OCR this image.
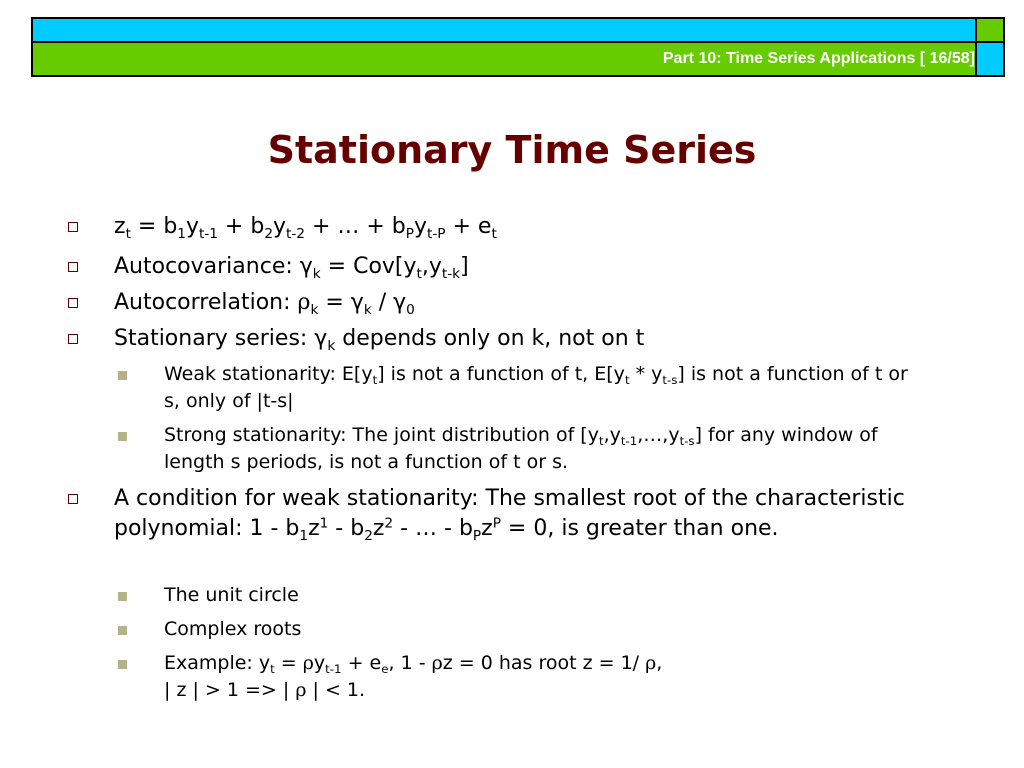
Part 10: Time Series Applications [ 16/58]
Stationary Time Series
$z_t = b_1y_{t-1} + b_2y_{t-2}$ + … + $b_Py_{t-P} + e_t$
Autocovariance: $\gamma_k = Cov[y_t,y_{t-k}]$
Autocorrelation: $\rho_k = \gamma_k / \gamma_0$
Stationary series: $\gamma_k$ depends only on k, not on t
Weak stationarity: $E[y_t]$ is not a function of t, $E[y_t * y_{t-s}]$ is not a function of t or s, only of |t-s|
Strong stationarity: The joint distribution of $[y_t,y_{t-1},\dots,y_{t-s}]$ for any window of length s periods, is not a function of t or s.
A condition for weak stationarity: The smallest root of the characteristic polynomial: $1 - b_1z^1 - b_2z^2$ - … - $b_Pz^P = 0$, is greater than one.
The unit circle
Complex roots
Example: $y_t = \rho y_{t-1} + e_e$, 1 - ρz = 0 has root z = 1/ ρ,
| z | > 1 => | ρ | < 1.
